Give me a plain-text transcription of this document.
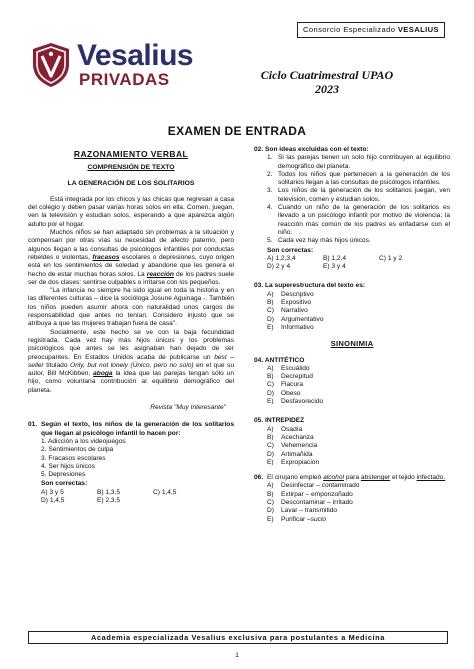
Vesalius
PRIVADAS
Consorcio Especializado VESALIUS
Ciclo Cuatrimestral UPAO
2023
EXAMEN DE ENTRADA
RAZONAMIENTO VERBAL
COMPRENSIÓN DE TEXTO
LA GENERACIÓN DE LOS SOLITARIOS

Está integrada por los chicos y las chicas que regresan a casa del colegio y deben pasar varias horas solos en ella. Comen, juegan, ven la televisión y estudian solos, esperando a que aparezca algún adulto por el hogar.

Muchos niños se han adaptado sin problemas a la situación y compensan por otras vías su necesidad de afecto paterno, pero algunos llegan a las consultas de psicólogos infantiles por conductas rebeldes o violentas, fracasos escolares o depresiones, cuyo origen está en los sentimientos de soledad y abandone que les genera el hecho de estar muchas horas solos. La reacción de los padres suele ser de dos clases: sentirse culpables o irritarse con los pequeños.

"La infancia no siempre ha sido igual en toda la historia y en las diferentes culturas – dice la socióloga Josune Aguinaga -. También los niños pueden asumir ahora con naturalidad unos cargos de responsabilidad que antes no tenían. Considero injusto que se atribuya a que las mujeres trabajan fuera de casa".

Socialmente, este hecho se ve con la baja fecundidad registrada. Cada vez hay más hijos únicos y los problemas psicológicos que antes se les asignaban han dejado de ser preocupantes. En Estados Unidos acaba de publicarse un best – seller titulado Only, but not lonely (Único, pero no solo) en el que su autor, Bill McKibben, aboga la idea que las parejas tengan sólo un hijo, como voluntaria contribución al equilibrio demográfico del planeta.

Revista "Muy Interesante"
01. Según el texto, los niños de la generación de los solitarios que llegan al psicólogo infantil lo hacen por:
1. Adicción a los videojuegos
2. Sentimientos de culpa
3. Fracasos escolares
4. Ser hijos únicos
5. Depresiones
Son correctas:
A) 3 y 5	B) 1,3,5	C) 1,4,5
D) 1,4,5	E) 2,3,5
02. Son ideas excluidas con el texto:
1. Si las parejas tienen un solo hijo contribuyen al equilibrio demográfico del planeta.
2. Todos los niños que pertenecen a la generación de los solitarios llegan a las consultas de psicólogos infantiles.
3. Los niños de la generación de los solitarios juegan, ven televisión, comen y estudian solos.
4. Cuando un niño de la generación de los solitarios es llevado a un psicólogo infantil por motivo de violencia; la reacción más común de los padres es enfadarse con el niño.
5. Cada vez hay más hijos únicos.
Son correctas:
A) 1,2,3,4	B) 1,2,4	C) 1 y 2
D) 2 y 4	E) 3 y 4
03. La superestructura del texto es:
A)	Descriptivo
B)	Expositivo
C)	Narrativo
D)	Argumentativo
E)	Informativo
SINONIMIA
04. ANTITÉTICO
A)	Escuálido
B)	Decrepitud
C)	Flacura
D)	Obeso
E)	Desfavorecido
05. INTREPIDEZ
A)	Osadía
B)	Acechanza
C)	Vehemencia
D)	Artimañida
E)	Expropiación
06. El cirujano empleó alcohol para abstenger el tejido infectado.
A)	Desinfectar – contaminado
B)	Extirpar – emponzoñado
C)	Descontaminar – irritado
D)	Lavar – transmitido
E)	Purificar – sucio
Academia especializada Vesalius exclusiva para postulantes a Medicina
1
